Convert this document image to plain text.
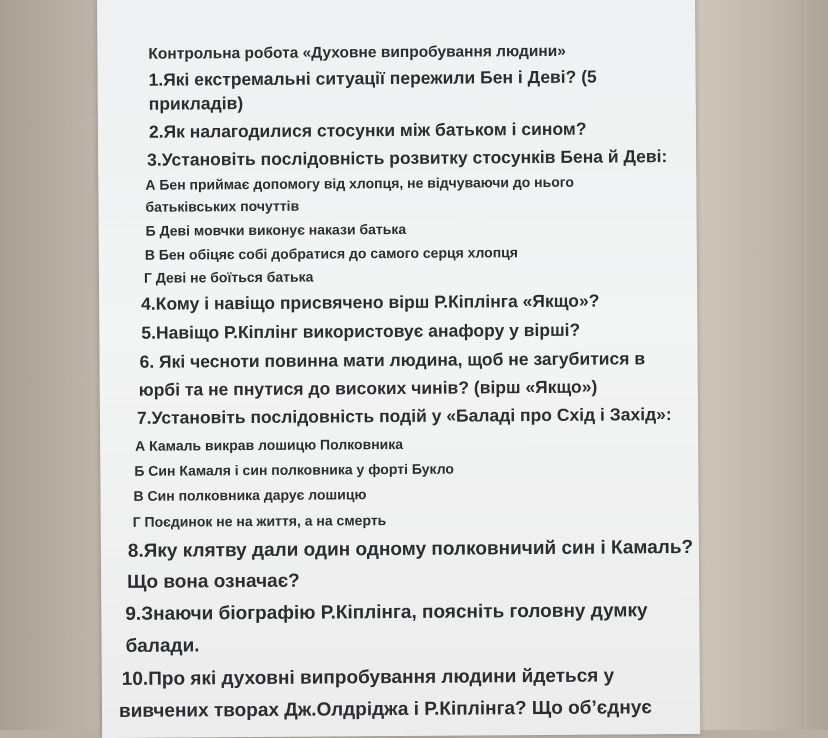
Контрольна робота «Духовне випробування людини»
1.Які екстремальні ситуації пережили Бен і Деві? (5
прикладів)
2.Як налагодилися стосунки між батьком і сином?
3.Установіть послідовність розвитку стосунків Бена й Деві:
А Бен приймає допомогу від хлопця, не відчуваючи до нього
батьківських почуттів
Б Деві мовчки виконує накази батька
В Бен обіцяє собі добратися до самого серця хлопця
Г Деві не боїться батька
4.Кому і навіщо присвячено вірш Р.Кіплінга «Якщо»?
5.Навіщо Р.Кіплінг використовує анафору у вірші?
6. Які чесноти повинна мати людина, щоб не загубитися в
юрбі та не пнутися до високих чинів? (вірш «Якщо»)
7.Установіть послідовність подій у «Баладі про Схід і Захід»:
А Камаль викрав лошицю Полковника
Б Син Камаля і син полковника у форті Букло
В Син полковника дарує лошицю
Г Поєдинок не на життя, а на смерть
8.Яку клятву дали один одному полковничий син і Камаль?
Що вона означає?
9.Знаючи біографію Р.Кіплінга, поясніть головну думку
балади.
10.Про які духовні випробування людини йдеться у
вивчених творах Дж.Олдріджа і Р.Кіплінга? Що об’єднує
